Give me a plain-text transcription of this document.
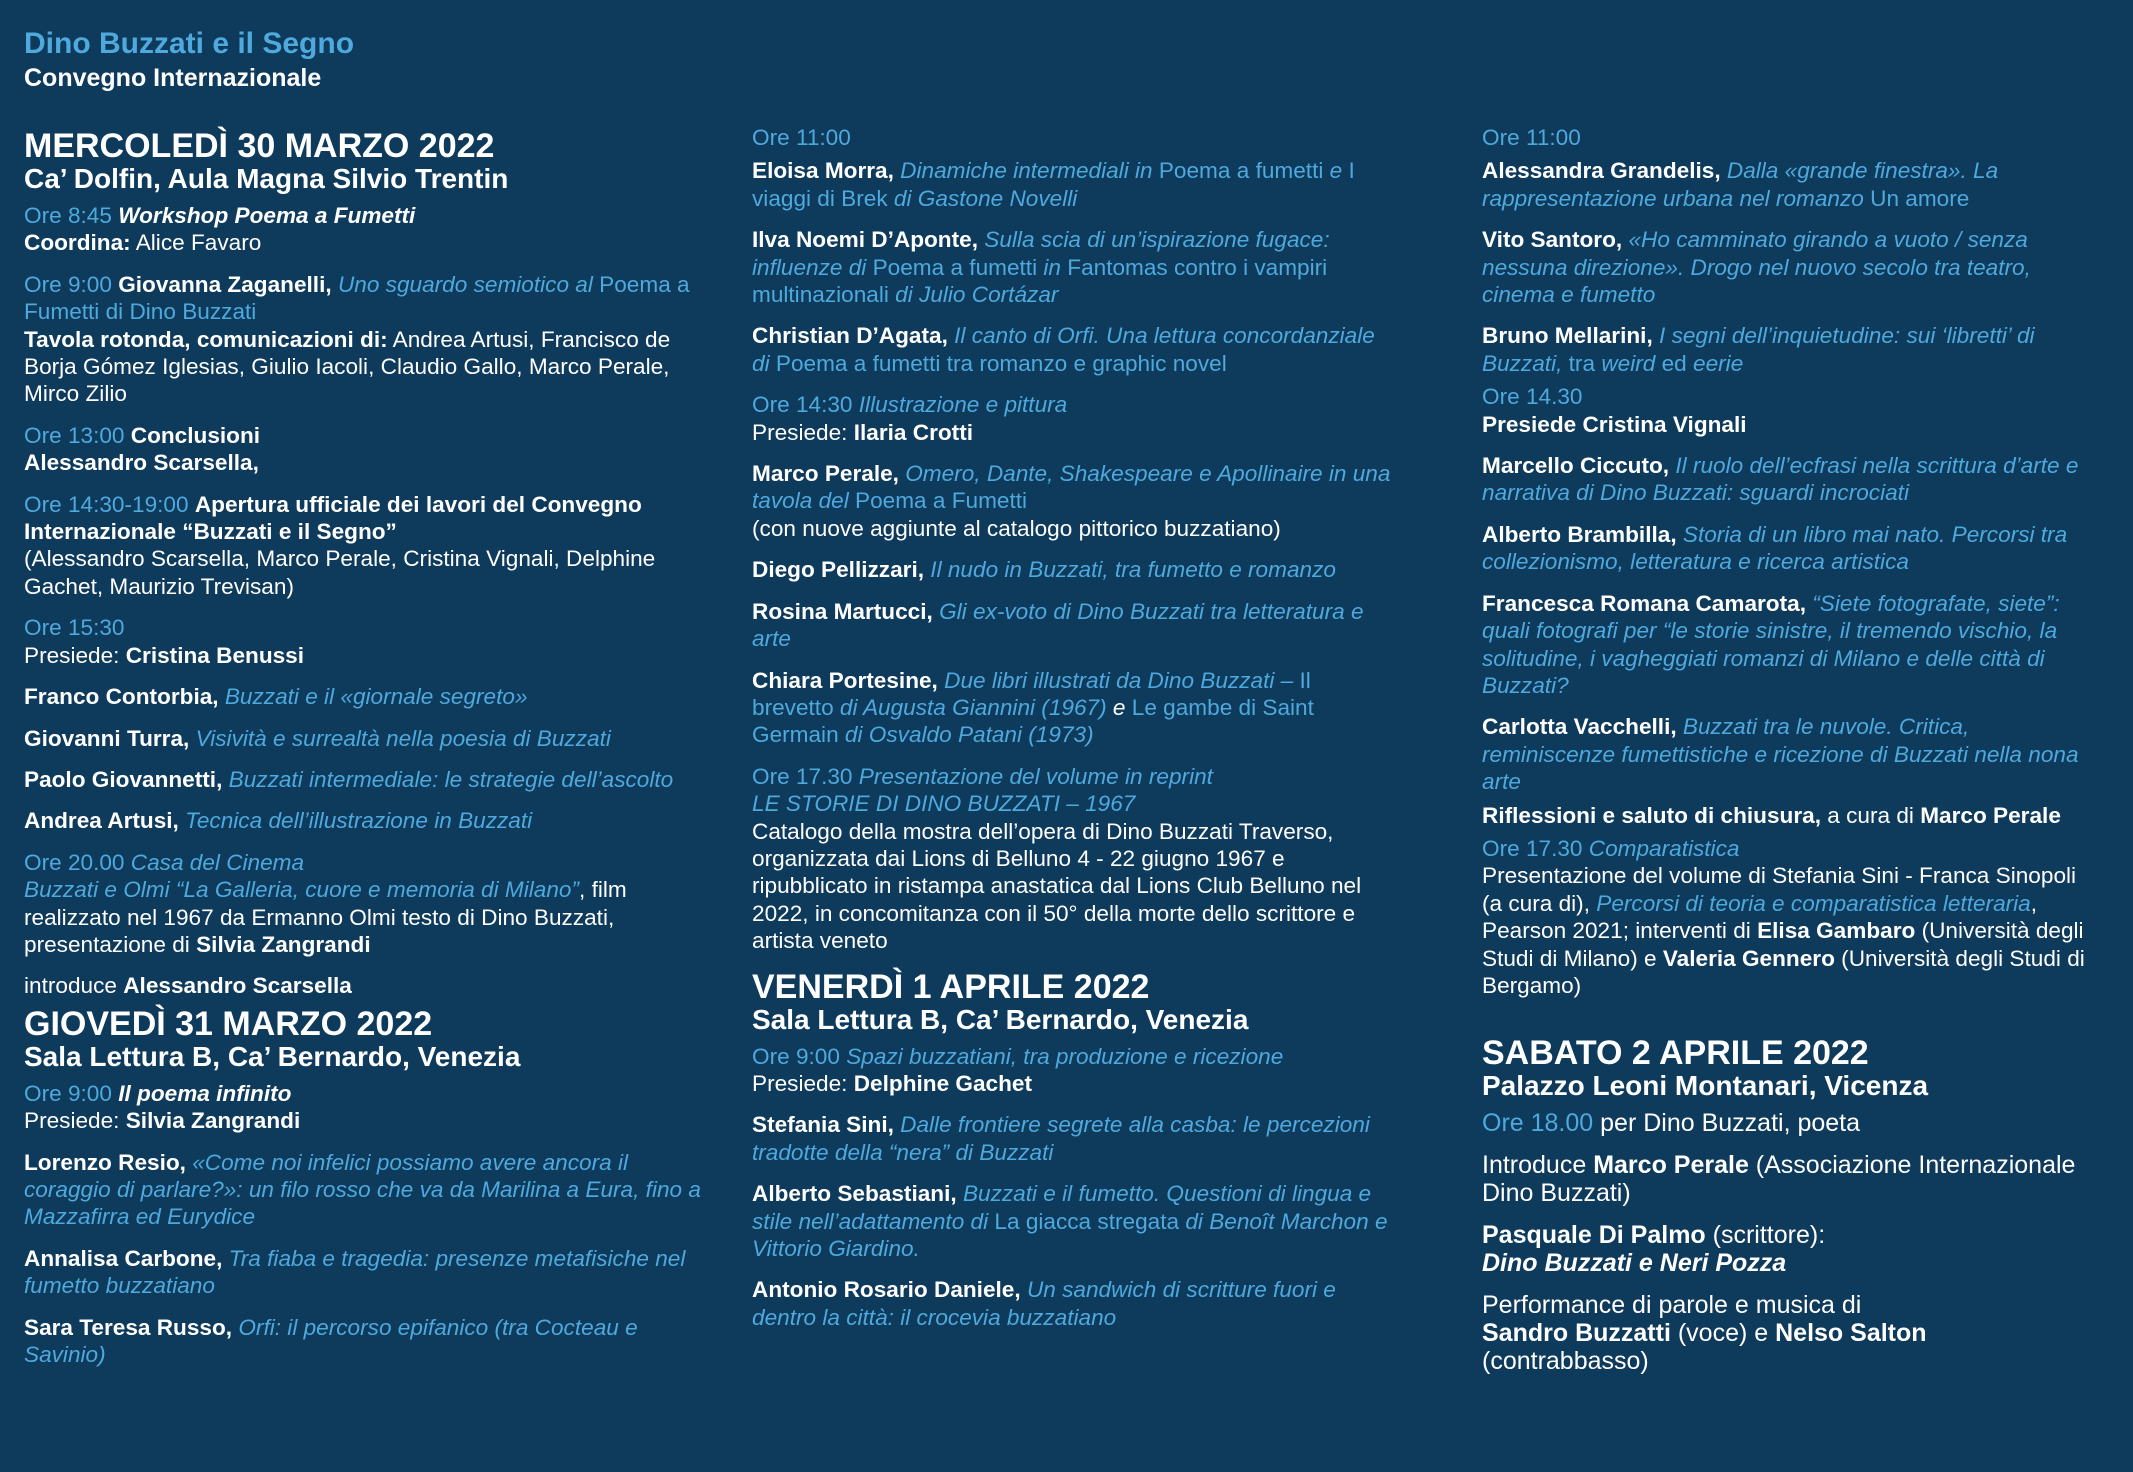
Dino Buzzati e il Segno
Convegno Internazionale
MERCOLEDÌ 30 MARZO 2022
Ca’ Dolfin, Aula Magna Silvio Trentin
Ore 8:45 Workshop Poema a Fumetti
Coordina: Alice Favaro
Ore 9:00 Giovanna Zaganelli, Uno sguardo semiotico al Poema a Fumetti di Dino Buzzati
Tavola rotonda, comunicazioni di: Andrea Artusi, Francisco de Borja Gómez Iglesias, Giulio Iacoli, Claudio Gallo, Marco Perale, Mirco Zilio
Ore 13:00 Conclusioni
Alessandro Scarsella,
Ore 14:30-19:00 Apertura ufficiale dei lavori del Convegno Internazionale “Buzzati e il Segno”
(Alessandro Scarsella, Marco Perale, Cristina Vignali, Delphine Gachet, Maurizio Trevisan)
Ore 15:30
Presiede: Cristina Benussi
Franco Contorbia, Buzzati e il «giornale segreto»
Giovanni Turra, Visività e surrealtà nella poesia di Buzzati
Paolo Giovannetti, Buzzati intermediale: le strategie dell’ascolto
Andrea Artusi, Tecnica dell’illustrazione in Buzzati
Ore 20.00 Casa del Cinema
Buzzati e Olmi “La Galleria, cuore e memoria di Milano”, film realizzato nel 1967 da Ermanno Olmi testo di Dino Buzzati, presentazione di Silvia Zangrandi
introduce Alessandro Scarsella
GIOVEDÌ 31 MARZO 2022
Sala Lettura B, Ca’ Bernardo, Venezia
Ore 9:00 Il poema infinito
Presiede: Silvia Zangrandi
Lorenzo Resio, «Come noi infelici possiamo avere ancora il coraggio di parlare?»: un filo rosso che va da Marilina a Eura, fino a Mazzafirra ed Eurydice
Annalisa Carbone, Tra fiaba e tragedia: presenze metafisiche nel fumetto buzzatiano
Sara Teresa Russo, Orfi: il percorso epifanico (tra Cocteau e Savinio)
Ore 11:00
Eloisa Morra, Dinamiche intermediali in Poema a fumetti e I viaggi di Brek di Gastone Novelli
Ilva Noemi D’Aponte, Sulla scia di un’ispirazione fugace: influenze di Poema a fumetti in Fantomas contro i vampiri multinazionali di Julio Cortázar
Christian D’Agata, Il canto di Orfi. Una lettura concordanziale di Poema a fumetti tra romanzo e graphic novel
Ore 14:30 Illustrazione e pittura
Presiede: Ilaria Crotti
Marco Perale, Omero, Dante, Shakespeare e Apollinaire in una tavola del Poema a Fumetti
(con nuove aggiunte al catalogo pittorico buzzatiano)
Diego Pellizzari, Il nudo in Buzzati, tra fumetto e romanzo
Rosina Martucci, Gli ex-voto di Dino Buzzati tra letteratura e arte
Chiara Portesine, Due libri illustrati da Dino Buzzati – Il brevetto di Augusta Giannini (1967) e Le gambe di Saint Germain di Osvaldo Patani (1973)
Ore 17.30 Presentazione del volume in reprint
LE STORIE DI DINO BUZZATI – 1967
Catalogo della mostra dell’opera di Dino Buzzati Traverso, organizzata dai Lions di Belluno 4 - 22 giugno 1967 e ripubblicato in ristampa anastatica dal Lions Club Belluno nel 2022, in concomitanza con il 50° della morte dello scrittore e artista veneto
VENERDÌ 1 APRILE 2022
Sala Lettura B, Ca’ Bernardo, Venezia
Ore 9:00 Spazi buzzatiani, tra produzione e ricezione
Presiede: Delphine Gachet
Stefania Sini, Dalle frontiere segrete alla casba: le percezioni tradotte della “nera” di Buzzati
Alberto Sebastiani, Buzzati e il fumetto. Questioni di lingua e stile nell’adattamento di La giacca stregata di Benoît Marchon e Vittorio Giardino.
Antonio Rosario Daniele, Un sandwich di scritture fuori e dentro la città: il crocevia buzzatiano
Ore 11:00
Alessandra Grandelis, Dalla «grande finestra». La rappresentazione urbana nel romanzo Un amore
Vito Santoro, «Ho camminato girando a vuoto / senza nessuna direzione». Drogo nel nuovo secolo tra teatro, cinema e fumetto
Bruno Mellarini, I segni dell’inquietudine: sui ‘libretti’ di Buzzati, tra weird ed eerie
Ore 14.30
Presiede Cristina Vignali
Marcello Ciccuto, Il ruolo dell’ecfrasi nella scrittura d’arte e narrativa di Dino Buzzati: sguardi incrociati
Alberto Brambilla, Storia di un libro mai nato. Percorsi tra collezionismo, letteratura e ricerca artistica
Francesca Romana Camarota, “Siete fotografate, siete”: quali fotografi per “le storie sinistre, il tremendo vischio, la solitudine, i vagheggiati romanzi di Milano e delle città di Buzzati?
Carlotta Vacchelli, Buzzati tra le nuvole. Critica, reminiscenze fumettistiche e ricezione di Buzzati nella nona arte
Riflessioni e saluto di chiusura, a cura di Marco Perale
Ore 17.30 Comparatistica
Presentazione del volume di Stefania Sini - Franca Sinopoli (a cura di), Percorsi di teoria e comparatistica letteraria, Pearson 2021; interventi di Elisa Gambaro (Università degli Studi di Milano) e Valeria Gennero (Università degli Studi di Bergamo)
SABATO 2 APRILE 2022
Palazzo Leoni Montanari, Vicenza
Ore 18.00 per Dino Buzzati, poeta
Introduce Marco Perale (Associazione Internazionale Dino Buzzati)
Pasquale Di Palmo (scrittore):
Dino Buzzati e Neri Pozza
Performance di parole e musica di
Sandro Buzzatti (voce) e Nelso Salton
(contrabbasso)
